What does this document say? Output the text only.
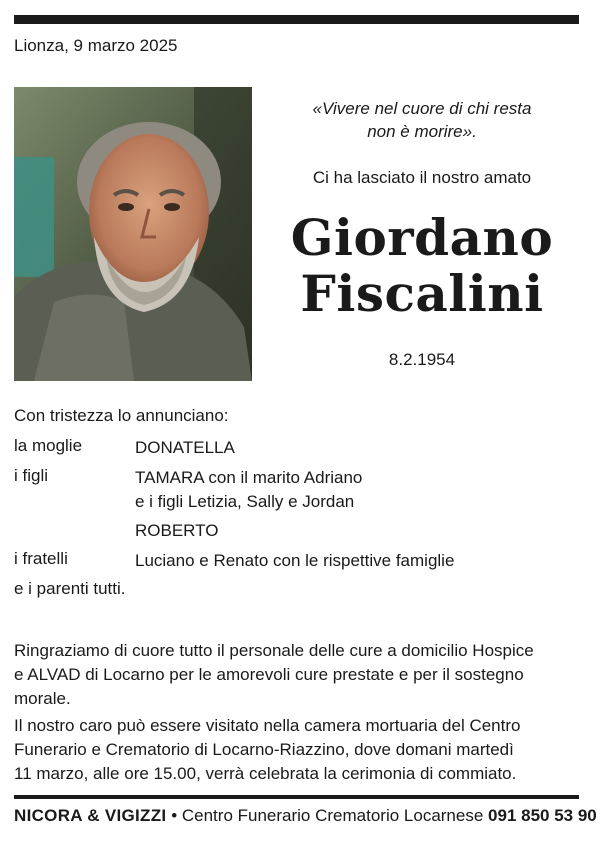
Lionza, 9 marzo 2025
«Vivere nel cuore di chi resta
non è morire».
Ci ha lasciato il nostro amato
Giordano
Fiscalini
8.2.1954
Con tristezza lo annunciano:
la moglie	DONATELLA
i figli	TAMARA con il marito Adriano
e i figli Letizia, Sally e Jordan
ROBERTO
i fratelli	Luciano e Renato con le rispettive famiglie
e i parenti tutti.
Ringraziamo di cuore tutto il personale delle cure a domicilio Hospice
e ALVAD di Locarno per le amorevoli cure prestate e per il sostegno
morale.
Il nostro caro può essere visitato nella camera mortuaria del Centro
Funerario e Crematorio di Locarno-Riazzino, dove domani martedì
11 marzo, alle ore 15.00, verrà celebrata la cerimonia di commiato.
NICORA & VIGIZZI • Centro Funerario Crematorio Locarnese 091 850 53 90
